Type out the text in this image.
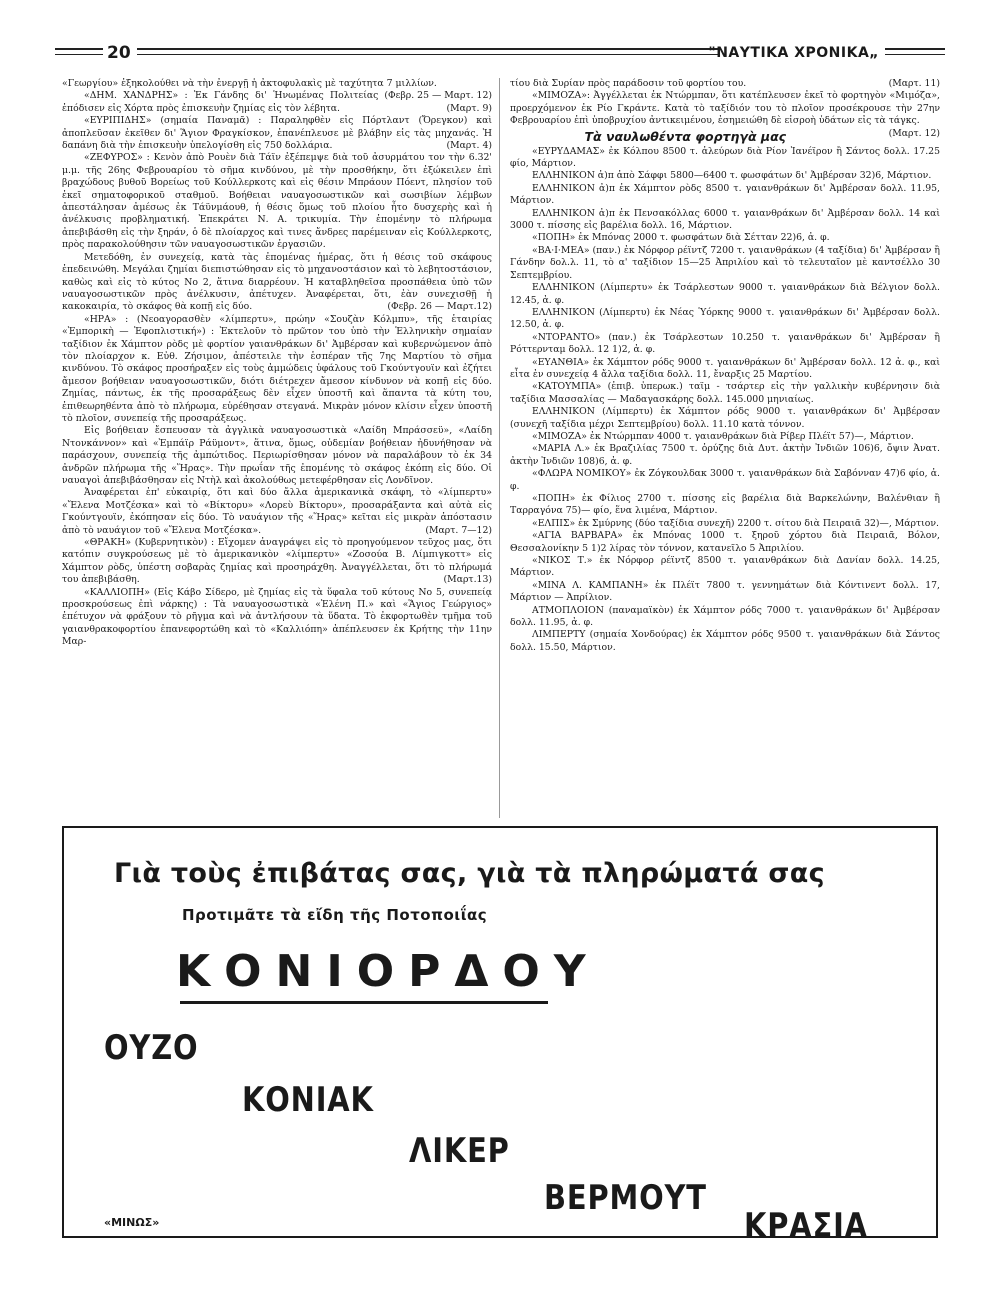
20	"ΝΑΥΤΙΚΑ ΧΡΟΝΙΚΑ„

«Γεωργίου» ἐξηκολούθει νὰ τὴν ἐνεργῇ ἡ ἀκτοφυλακὶς μὲ ταχύτητα 7 μιλλίων.
(Φεβρ. 25 — Μαρτ. 12)

«ΔΗΜ. ΧΑΝΔΡΗΣ» : Ἐκ Γάνδης δι' Ἡνωμένας Πολιτείας ἐπόδισεν εἰς Χόρτα πρὸς ἐπισκευὴν ζημίας εἰς τὸν λέβητα.	(Μαρτ. 9)

«ΕΥΡΙΠΙΔΗΣ» (σημαία Παναμᾶ) : Παραληφθὲν εἰς Πόρτλαντ (Ὄρεγκον) καὶ ἀποπλεῦσαν ἐκεῖθεν δι' Ἅγιον Φραγκίσκον, ἐπανέπλευσε μὲ βλάβην εἰς τὰς μηχανάς. Ἡ δαπάνη διὰ τὴν ἐπισκευὴν ὑπελογίσθη εἰς 750 δολλάρια.	(Μαρτ. 4)

«ΖΕΦΥΡΟΣ» : Κενὸν ἀπὸ Ρουὲν διὰ Τάϊν ἐξέπεμψε διὰ τοῦ ἀσυρμάτου τον τὴν 6.32' μ.μ. τῆς 26ης Φεβρουαρίου τὸ σῆμα κινδύνου, μὲ τὴν προσθήκην, ὅτι ἐξώκειλεν ἐπὶ βραχώδους βυθοῦ Βορείως τοῦ Κούλλερκοτς καὶ εἰς θέσιν Μπράουν Πόεντ, πλησίον τοῦ ἐκεῖ σηματοφορικοῦ σταθμοῦ. Βοήθειαι ναυαγοσωστικῶν καὶ σωσιβίων λέμβων ἀπεστάλησαν ἀμέσως ἐκ Τάϋνμάουθ, ἡ θέσις ὅμως τοῦ πλοίου ἦτο δυσχερὴς καὶ ἡ ἀνέλκυσις προβληματική. Ἐπεκράτει Ν. Α. τρικυμία. Τὴν ἐπομένην τὸ πλήρωμα ἀπεβιβάσθη εἰς τὴν ξηράν, ὁ δὲ πλοίαρχος καὶ τινες ἄνδρες παρέμειναν εἰς Κούλλερκοτς, πρὸς παρακολούθησιν τῶν ναυαγοσωστικῶν ἐργασιῶν.

Μετεδόθη, ἐν συνεχείᾳ, κατὰ τὰς ἐπομένας ἡμέρας, ὅτι ἡ θέσις τοῦ σκάφους ἐπεδεινώθη. Μεγάλαι ζημίαι διεπιστώθησαν εἰς τὸ μηχανοστάσιον καὶ τὸ λεβητοστάσιον, καθὼς καὶ εἰς τὸ κύτος Νο 2, ἅτινα διαρρέουν. Ἡ καταβληθεῖσα προσπάθεια ὑπὸ τῶν ναυαγοσωστικῶν πρὸς ἀνέλκυσιν, ἀπέτυχεν. Ἀναφέρεται, ὅτι, ἐὰν συνεχισθῇ ἡ κακοκαιρία, τὸ σκάφος θὰ κοπῇ εἰς δύο.	(Φεβρ. 26 — Μαρτ.12)

«ΗΡΑ» : (Νεοαγορασθὲν «λίμπερτυ», πρώην «Σουζὰν Κόλμπυ», τῆς ἑταιρίας «Ἐμπορικὴ — Ἐφοπλιστική») : Ἐκτελοῦν τὸ πρῶτον του ὑπὸ τὴν Ἑλληνικὴν σημαίαν ταξίδιον ἐκ Χάμπτον ρὸδς μὲ φορτίον γαιανθράκων δι' Ἀμβέρσαν καὶ κυβερνώμενον ἀπὸ τὸν πλοίαρχον κ. Εὐθ. Ζήσιμον, ἀπέστειλε τὴν ἑσπέραν τῆς 7ης Μαρτίου τὸ σῆμα κινδύνου. Τὸ σκάφος προσήραξεν εἰς τοὺς ἀμμώδεις ὑφάλους τοῦ Γκούντγουϊν καὶ ἐζήτει ἄμεσον βοήθειαν ναυαγοσωστικῶν, διότι διέτρεχεν ἄμεσον κίνδυνον νὰ κοπῇ εἰς δύο. Ζημίας, πάντως, ἐκ τῆς προσαράξεως δὲν εἶχεν ὑποστῆ καὶ ἅπαντα τὰ κύτη του, ἐπιθεωρηθέντα ἀπὸ τὸ πλήρωμα, εὑρέθησαν στεγανά. Μικρὰν μόνον κλίσιν εἶχεν ὑποστῆ τὸ πλοῖον, συνεπείᾳ τῆς προσαράξεως.

Εἰς βοήθειαν ἔσπευσαν τὰ ἀγγλικὰ ναυαγοσωστικὰ «Λαίδη Μπράσσεϋ», «Λαίδη Ντονκάννον» καὶ «Ἐμπάϊρ Ράϋμοντ», ἅτινα, ὅμως, οὐδεμίαν βοήθειαν ἠδυνήθησαν νὰ παράσχουν, συνεπείᾳ τῆς ἀμπώτιδος. Περιωρίσθησαν μόνον νὰ παραλάβουν τὸ ἐκ 34 ἀνδρῶν πλήρωμα τῆς «Ἥρας». Τὴν πρωΐαν τῆς ἐπομένης τὸ σκάφος ἐκόπη εἰς δύο. Οἱ ναυαγοὶ ἀπεβιβάσθησαν εἰς Ντὴλ καὶ ἀκολούθως μετεφέρθησαν εἰς Λονδῖνον.

Ἀναφέρεται ἐπ' εὐκαιρίᾳ, ὅτι καὶ δύο ἄλλα ἀμερικανικὰ σκάφη, τὸ «λίμπερτυ» «Ἔλενα Μοτζέσκα» καὶ τὸ «Βίκτορυ» «Λορεὺ Βίκτορυ», προσαράξαντα καὶ αὐτὰ εἰς Γκούντγουϊν, ἐκόπησαν εἰς δύο. Τὸ ναυάγιον τῆς «Ἥρας» κεῖται εἰς μικρὰν ἀπόστασιν ἀπὸ τὸ ναυάγιον τοῦ «Ἔλενα Μοτζέσκα».	(Μαρτ. 7—12)

«ΘΡΑΚΗ» (Κυβερνητικὸν) : Εἴχομεν ἀναγράψει εἰς τὸ προηγούμενον τεῦχος μας, ὅτι κατόπιν συγκρούσεως μὲ τὸ ἀμερικανικὸν «λίμπερτυ» «Ζοσούα Β. Λίμπιγκοττ» εἰς Χάμπτον ρὸδς, ὑπέστη σοβαρὰς ζημίας καὶ προσηράχθη. Ἀναγγέλλεται, ὅτι τὸ πλήρωμά του ἀπεβιβάσθη.	(Μαρτ.13)

«ΚΑΛΛΙΟΠΗ» (Εἰς Κάβο Σίδερο, μὲ ζημίας εἰς τὰ ὕφαλα τοῦ κύτους Νο 5, συνεπείᾳ προσκρούσεως ἐπὶ νάρκης) : Τὰ ναυαγοσωστικὰ «Ἑλένη Π.» καὶ «Ἅγιος Γεώργιος» ἐπέτυχον νὰ φράξουν τὸ ρῆγμα καὶ νὰ ἀντλήσουν τὰ ὕδατα. Τὸ ἐκφορτωθὲν τμῆμα τοῦ γαιανθρακοφορτίου ἐπανεφορτώθη καὶ τὸ «Καλλιόπη» ἀπέπλευσεν ἐκ Κρήτης τὴν 11ην Μαρ-

τίου διὰ Συρίαν πρὸς παράδοσιν τοῦ φορτίου του.	(Μαρτ. 11)

«ΜΙΜΟΖΑ»: Ἀγγέλλεται ἐκ Ντώρμπαν, ὅτι κατέπλευσεν ἐκεῖ τὸ φορτηγὸν «Μιμόζα», προερχόμενον ἐκ Ρίο Γκράντε. Κατὰ τὸ ταξίδιόν του τὸ πλοῖον προσέκρουσε τὴν 27ην Φεβρουαρίου ἐπὶ ὑποβρυχίου ἀντικειμένου, ἐσημειώθη δὲ εἰσροὴ ὑδάτων εἰς τὰ τάγκς.
(Μαρτ. 12)

Τὰ ναυλωθέντα φορτηγὰ μας

«ΕΥΡΥΔΑΜΑΣ» ἐκ Κόλπου 8500 τ. ἀλεύρων διὰ Ρίον Ἰανέϊρον ἢ Σάντος δολλ. 17.25 φίο, Μάρτιον.

ΕΛΛΗΝΙΚΟΝ ἀ)π ἀπὸ Σάφφι 5800—6400 τ. φωσφάτων δι' Ἀμβέρσαν 32)6, Μάρτιον.

ΕΛΛΗΝΙΚΟΝ ἀ)π ἐκ Χάμπτον ρὸδς 8500 τ. γαιανθράκων δι' Ἀμβέρσαν δολλ. 11.95, Μάρτιον.

ΕΛΛΗΝΙΚΟΝ ἀ)π ἐκ Πενσακόλλας 6000 τ. γαιανθράκων δι' Ἀμβέρσαν δολλ. 14 καὶ 3000 τ. πίσσης εἰς βαρέλια δολλ. 16, Μάρτιον.

«ΠΟΠΗ» ἐκ Μπόνας 2000 τ. φωσφάτων διὰ Σέτταν 22)6, ἀ. φ.

«ΒΑ·Ι·ΜΕΑ» (παν.) ἐκ Νόρφορ ρέϊντζ 7200 τ. γαιανθράκων (4 ταξίδια) δι' Ἀμβέρσαν ἢ Γάνδην δολ.λ. 11, τὸ α' ταξίδιον 15—25 Ἀπριλίου καὶ τὸ τελευταῖον μὲ καντσέλλο 30 Σεπτεμβρίου.

ΕΛΛΗΝΙΚΟΝ (Λίμπερτυ» ἐκ Τσάρλεστων 9000 τ. γαιανθράκων διὰ Βέλγιον δολλ. 12.45, ἀ. φ.

ΕΛΛΗΝΙΚΟΝ (Λίμπερτυ) ἐκ Νέας Ὑόρκης 9000 τ. γαιανθράκων δι' Ἀμβέρσαν δολλ. 12.50, ἀ. φ.

«ΝΤΟΡΑΝΤΟ» (παν.) ἐκ Τσάρλεστων 10.250 τ. γαιανθράκων δι' Ἀμβέρσαν ἢ Ρόττερνταμ δολλ. 12 1)2, ἀ. φ.

«ΕΥΑΝΘΙΑ» ἐκ Χάμπτον ρόδς 9000 τ. γαιανθράκων δι' Ἀμβέρσαν δολλ. 12 ἀ. φ., καὶ εἶτα ἐν συνεχείᾳ 4 ἄλλα ταξίδια δολλ. 11, ἔναρξις 25 Μαρτίου.

«ΚΑΤΟΥΜΠΑ» (ἐπιβ. ὑπερωκ.) ταϊμ - τσάρτερ εἰς τὴν γαλλικὴν κυβέρνησιν διὰ ταξίδια Μασσαλίας — Μαδαγασκάρης δολλ. 145.000 μηνιαίως.

ΕΛΛΗΝΙΚΟΝ (Λίμπερτυ) ἐκ Χάμπτον ρόδς 9000 τ. γαιανθράκων δι' Ἀμβέρσαν (συνεχῆ ταξίδια μέχρι Σεπτεμβρίου) δολλ. 11.10 κατὰ τόννον.

«ΜΙΜΟΖΑ» ἐκ Ντώρμπαν 4000 τ. γαιανθράκων διὰ Ρίβερ Πλέϊτ 57)—, Μάρτιον.

«ΜΑΡΙΑ Λ.» ἐκ Βραζιλίας 7500 τ. ὀρύζης διὰ Δυτ. ἀκτὴν Ἰνδιῶν 106)6, ὄψιν Ἀνατ. ἀκτὴν Ἰνδιῶν 108)6, ἀ. φ.

«ΦΛΩΡΑ ΝΟΜΙΚΟΥ» ἐκ Ζόγκουλδακ 3000 τ. γαιανθράκων διὰ Σαβόνναν 47)6 φίο, ἀ. φ.

«ΠΟΠΗ» ἐκ Φίλιος 2700 τ. πίσσης εἰς βαρέλια διὰ Βαρκελώνην, Βαλένθιαν ἢ Ταρραγόνα 75)— φίο, ἕνα λιμένα, Μάρτιον.

«ΕΛΠΙΣ» ἐκ Σμύρνης (δύο ταξίδια συνεχῆ) 2200 τ. σίτου διὰ Πειραιᾶ 32)—, Μάρτιον.

«ΑΓΙΑ ΒΑΡΒΑΡΑ» ἐκ Μπόνας 1000 τ. ξηροῦ χόρτου διὰ Πειραιᾶ, Βόλον, Θεσσαλονίκην 5 1)2 λίρας τὸν τόννον, κατανεῖλο 5 Ἀπριλίου.

«ΝΙΚΟΣ Τ.» ἐκ Νόρφορ ρέϊντζ 8500 τ. γαιανθράκων διὰ Δανίαν δολλ. 14.25, Μάρτιον.

«ΜΙΝΑ Λ. ΚΑΜΠΑΝΗ» ἐκ Πλέϊτ 7800 τ. γεννημάτων διὰ Κόντινεντ δολλ. 17, Μάρτιον — Ἀπρίλιον.

ΑΤΜΟΠΛΟΙΟΝ (παναμαϊκὸν) ἐκ Χάμπτον ρόδς 7000 τ. γαιανθράκων δι' Ἀμβέρσαν δολλ. 11.95, ἀ. φ.

ΛΙΜΠΕΡΤΥ (σημαία Χονδούρας) ἐκ Χάμπτον ρόδς 9500 τ. γαιανθράκων διὰ Σάντος δολλ. 15.50, Μάρτιον.

Γιὰ τοὺς ἐπιβάτας σας, γιὰ τὰ πληρώματά σας
Προτιμᾶτε τὰ εἴδη τῆς Ποτοποιΐας
ΚΟΝΙΟΡΔΟΥ
ΟΥΖΟ
ΚΟΝΙΑΚ
ΛΙΚΕΡ
ΒΕΡΜΟΥΤ
ΚΡΑΣΙΑ
«ΜΙΝΩΣ»
